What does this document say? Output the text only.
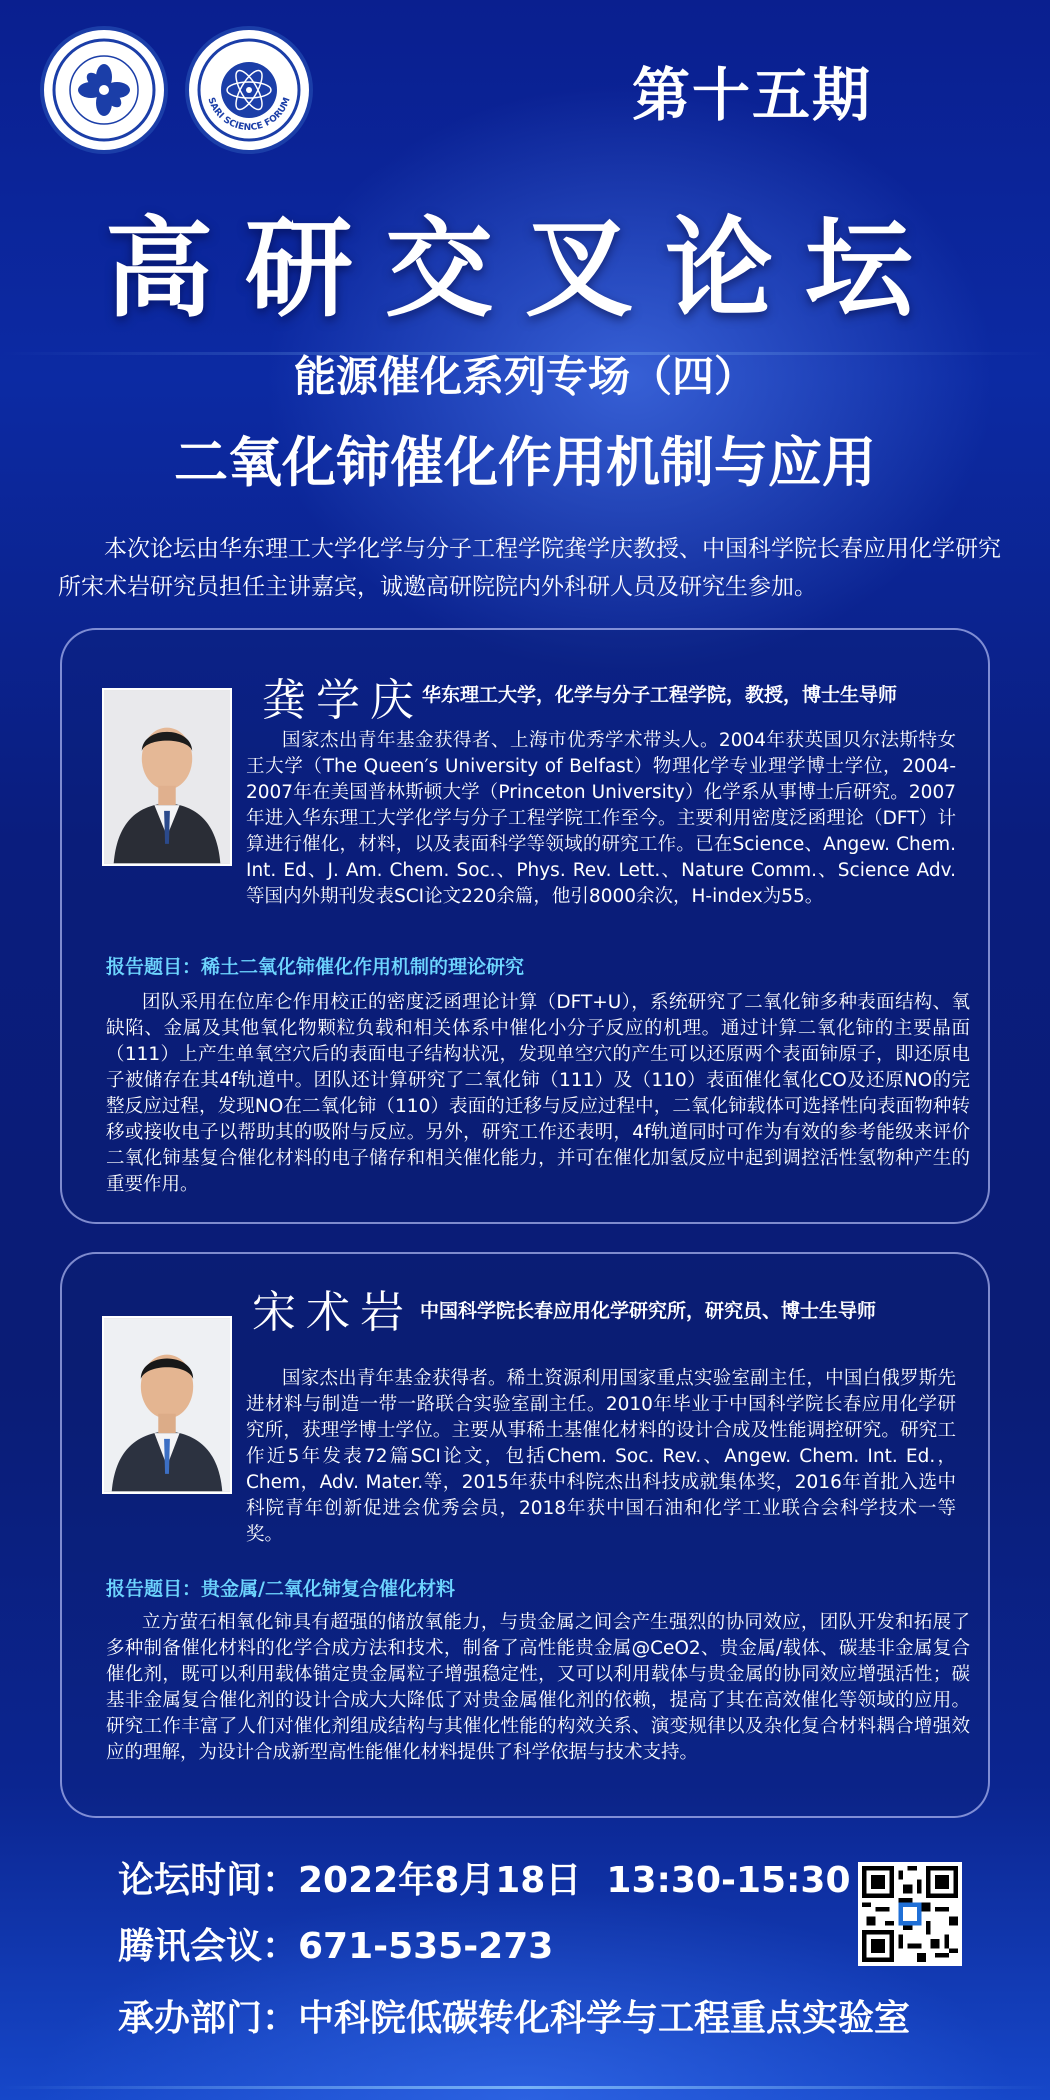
SARI SCIENCE FORUM	第十五期
高研交叉论坛
能源催化系列专场（四）
二氧化铈催化作用机制与应用
本次论坛由华东理工大学化学与分子工程学院龚学庆教授、中国科学院长春应用化学研究所宋术岩研究员担任主讲嘉宾，诚邀高研院院内外科研人员及研究生参加。
龚学庆
华东理工大学，化学与分子工程学院，教授，博士生导师
国家杰出青年基金获得者、上海市优秀学术带头人。2004年获英国贝尔法斯特女王大学（The Queen′s University of Belfast）物理化学专业理学博士学位，2004-2007年在美国普林斯顿大学（Princeton University）化学系从事博士后研究。2007年进入华东理工大学化学与分子工程学院工作至今。主要利用密度泛函理论（DFT）计算进行催化，材料，以及表面科学等领域的研究工作。已在Science、Angew. Chem. Int. Ed、J. Am. Chem. Soc.、Phys. Rev. Lett.、Nature Comm.、Science Adv.等国内外期刊发表SCI论文220余篇，他引8000余次，H-index为55。
报告题目：稀土二氧化铈催化作用机制的理论研究
团队采用在位库仑作用校正的密度泛函理论计算（DFT+U），系统研究了二氧化铈多种表面结构、氧缺陷、金属及其他氧化物颗粒负载和相关体系中催化小分子反应的机理。通过计算二氧化铈的主要晶面（111）上产生单氧空穴后的表面电子结构状况，发现单空穴的产生可以还原两个表面铈原子，即还原电子被储存在其4f轨道中。团队还计算研究了二氧化铈（111）及（110）表面催化氧化CO及还原NO的完整反应过程，发现NO在二氧化铈（110）表面的迁移与反应过程中，二氧化铈载体可选择性向表面物种转移或接收电子以帮助其的吸附与反应。另外，研究工作还表明，4f轨道同时可作为有效的参考能级来评价二氧化铈基复合催化材料的电子储存和相关催化能力，并可在催化加氢反应中起到调控活性氢物种产生的重要作用。
宋术岩 中国科学院长春应用化学研究所，研究员、博士生导师
国家杰出青年基金获得者。稀土资源利用国家重点实验室副主任，中国白俄罗斯先进材料与制造一带一路联合实验室副主任。2010年毕业于中国科学院长春应用化学研究所，获理学博士学位。主要从事稀土基催化材料的设计合成及性能调控研究。研究工作近5年发表72篇SCI论文，包括Chem. Soc. Rev.、Angew. Chem. Int. Ed.，Chem，Adv. Mater.等，2015年获中科院杰出科技成就集体奖，2016年首批入选中科院青年创新促进会优秀会员，2018年获中国石油和化学工业联合会科学技术一等奖。
报告题目：贵金属/二氧化铈复合催化材料
立方萤石相氧化铈具有超强的储放氧能力，与贵金属之间会产生强烈的协同效应，团队开发和拓展了多种制备催化材料的化学合成方法和技术，制备了高性能贵金属@CeO2、贵金属/载体、碳基非金属复合催化剂，既可以利用载体锚定贵金属粒子增强稳定性，又可以利用载体与贵金属的协同效应增强活性；碳基非金属复合催化剂的设计合成大大降低了对贵金属催化剂的依赖，提高了其在高效催化等领域的应用。研究工作丰富了人们对催化剂组成结构与其催化性能的构效关系、演变规律以及杂化复合材料耦合增强效应的理解，为设计合成新型高性能催化材料提供了科学依据与技术支持。
论坛时间：2022年8月18日  13:30-15:30
腾讯会议：671-535-273
承办部门：中科院低碳转化科学与工程重点实验室
